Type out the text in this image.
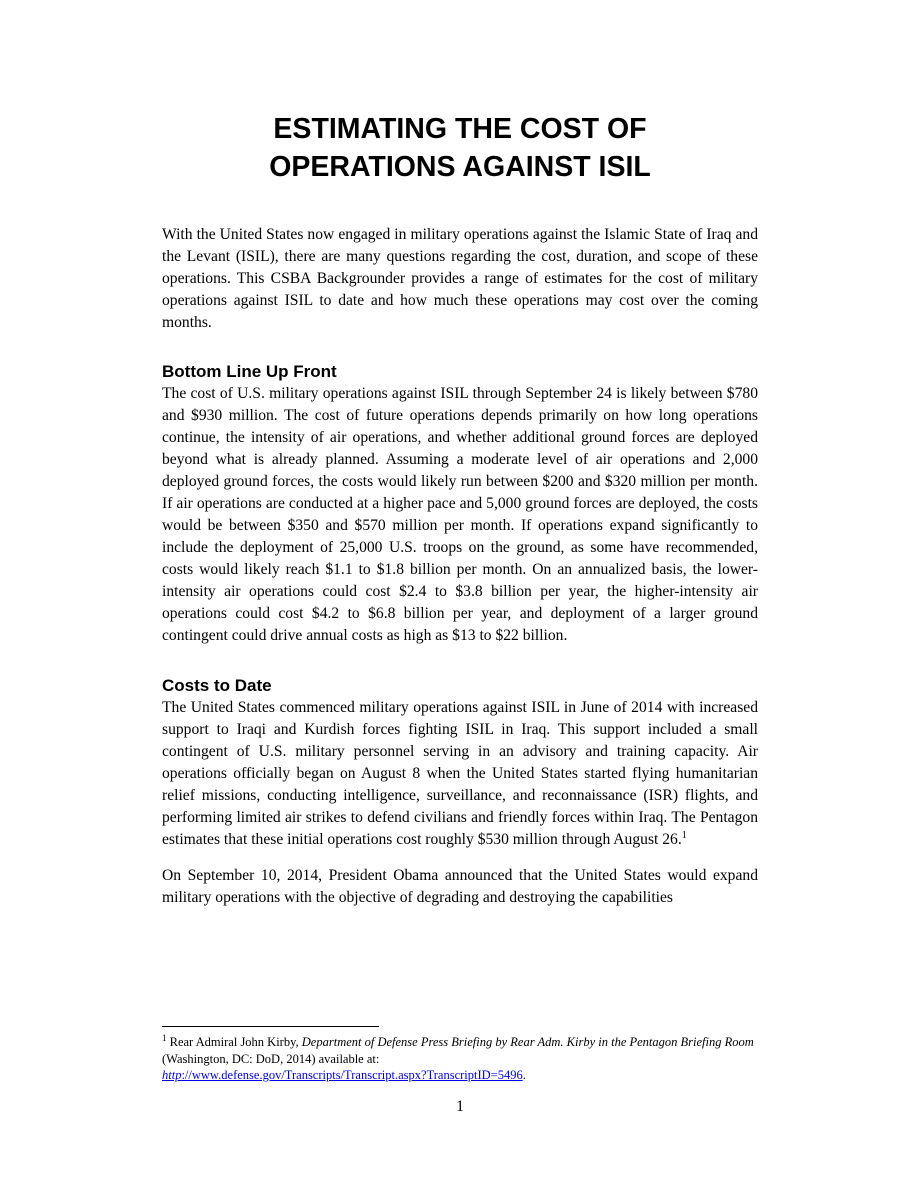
ESTIMATING THE COST OF
OPERATIONS AGAINST ISIL

With the United States now engaged in military operations against the Islamic State of Iraq and the Levant (ISIL), there are many questions regarding the cost, duration, and scope of these operations. This CSBA Backgrounder provides a range of estimates for the cost of military operations against ISIL to date and how much these operations may cost over the coming months.

Bottom Line Up Front

The cost of U.S. military operations against ISIL through September 24 is likely between $780 and $930 million. The cost of future operations depends primarily on how long operations continue, the intensity of air operations, and whether additional ground forces are deployed beyond what is already planned. Assuming a moderate level of air operations and 2,000 deployed ground forces, the costs would likely run between $200 and $320 million per month. If air operations are conducted at a higher pace and 5,000 ground forces are deployed, the costs would be between $350 and $570 million per month. If operations expand significantly to include the deployment of 25,000 U.S. troops on the ground, as some have recommended, costs would likely reach $1.1 to $1.8 billion per month. On an annualized basis, the lower-intensity air operations could cost $2.4 to $3.8 billion per year, the higher-intensity air operations could cost $4.2 to $6.8 billion per year, and deployment of a larger ground contingent could drive annual costs as high as $13 to $22 billion.

Costs to Date

The United States commenced military operations against ISIL in June of 2014 with increased support to Iraqi and Kurdish forces fighting ISIL in Iraq. This support included a small contingent of U.S. military personnel serving in an advisory and training capacity. Air operations officially began on August 8 when the United States started flying humanitarian relief missions, conducting intelligence, surveillance, and reconnaissance (ISR) flights, and performing limited air strikes to defend civilians and friendly forces within Iraq. The Pentagon estimates that these initial operations cost roughly $530 million through August 26.$^1$

On September 10, 2014, President Obama announced that the United States would expand military operations with the objective of degrading and destroying the capabilities

$^1$ Rear Admiral John Kirby, Department of Defense Press Briefing by Rear Adm. Kirby in the Pentagon Briefing Room (Washington, DC: DoD, 2014) available at:
http://www.defense.gov/Transcripts/Transcript.aspx?TranscriptID=5496.

1
